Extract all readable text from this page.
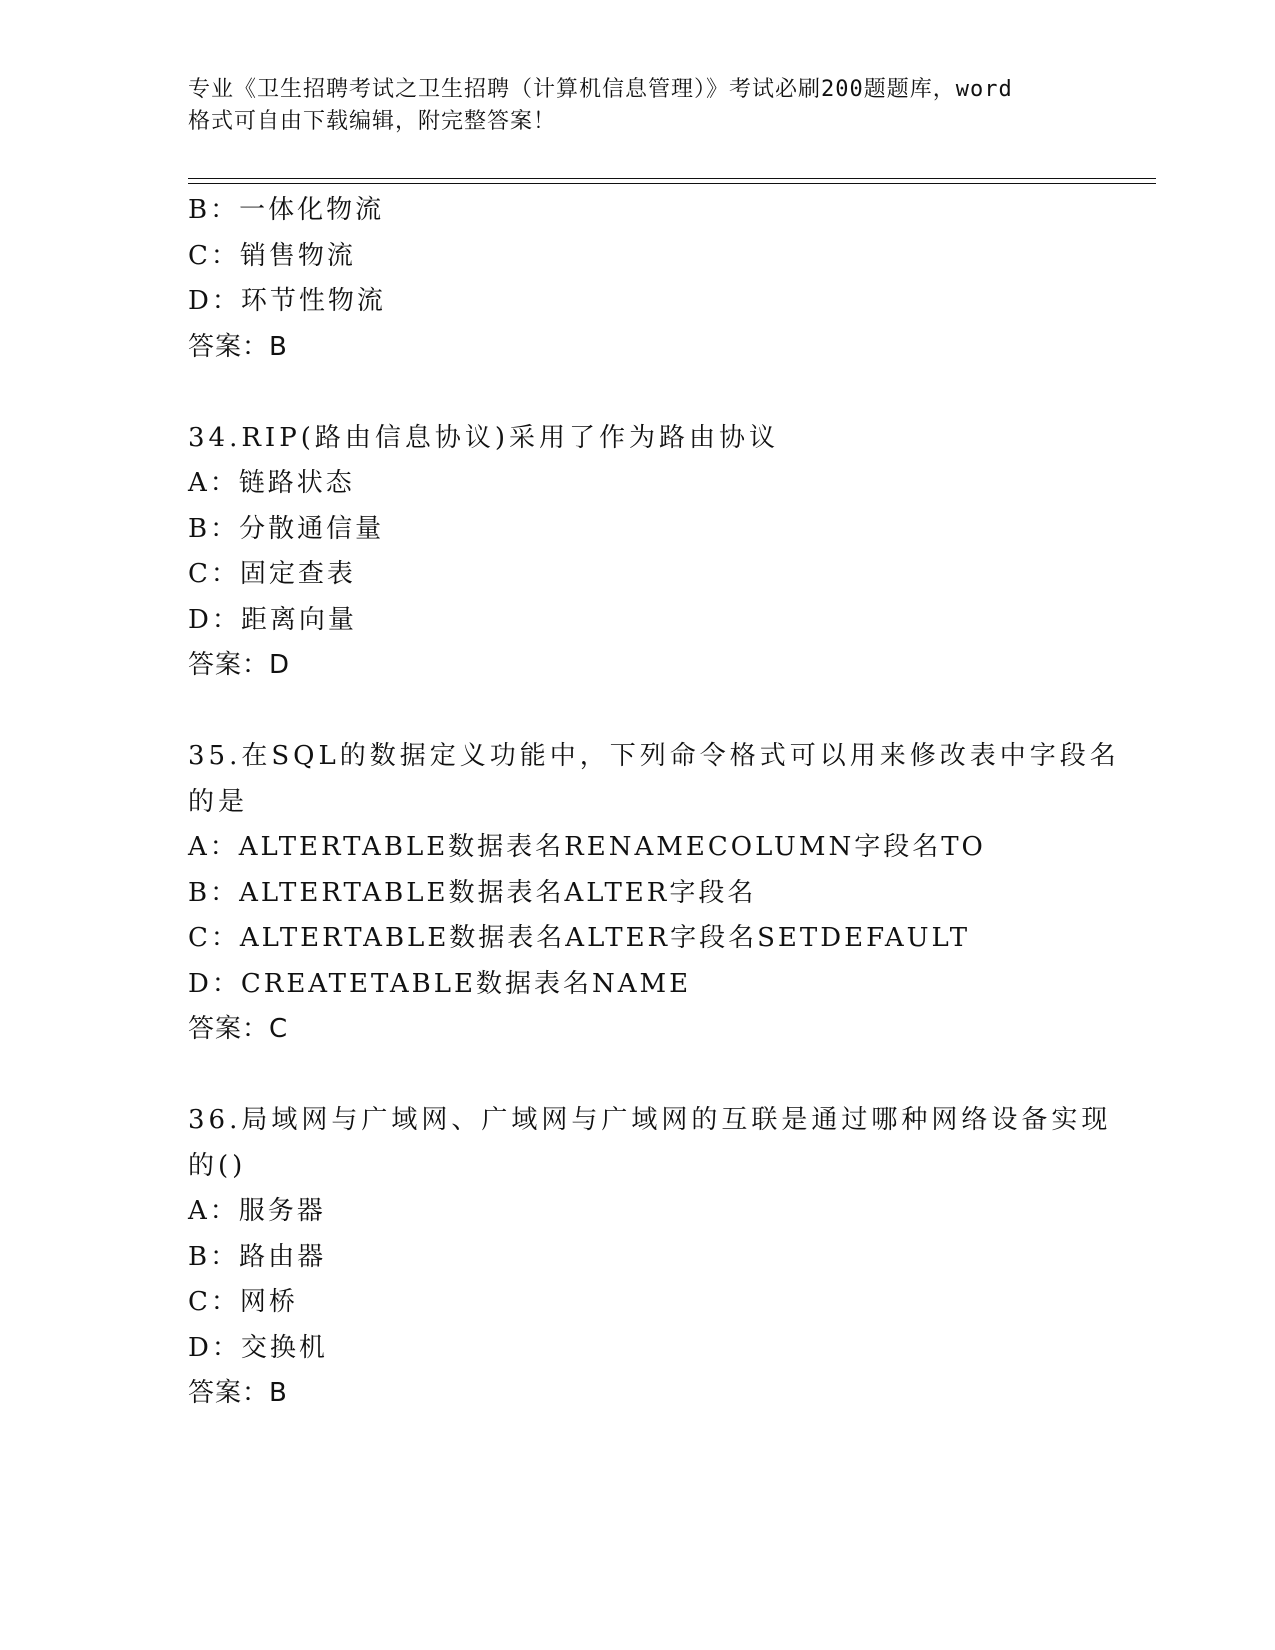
专业《卫生招聘考试之卫生招聘（计算机信息管理）》考试必刷200题题库，word
格式可自由下载编辑，附完整答案！
B：一体化物流
C：销售物流
D：环节性物流
答案：B
34.RIP(路由信息协议)采用了作为路由协议
A：链路状态
B：分散通信量
C：固定查表
D：距离向量
答案：D
35.在SQL的数据定义功能中，下列命令格式可以用来修改表中字段名
的是
A：ALTERTABLE数据表名RENAMECOLUMN字段名TO
B：ALTERTABLE数据表名ALTER字段名
C：ALTERTABLE数据表名ALTER字段名SETDEFAULT
D：CREATETABLE数据表名NAME
答案：C
36.局域网与广域网、广域网与广域网的互联是通过哪种网络设备实现
的()
A：服务器
B：路由器
C：网桥
D：交换机
答案：B
